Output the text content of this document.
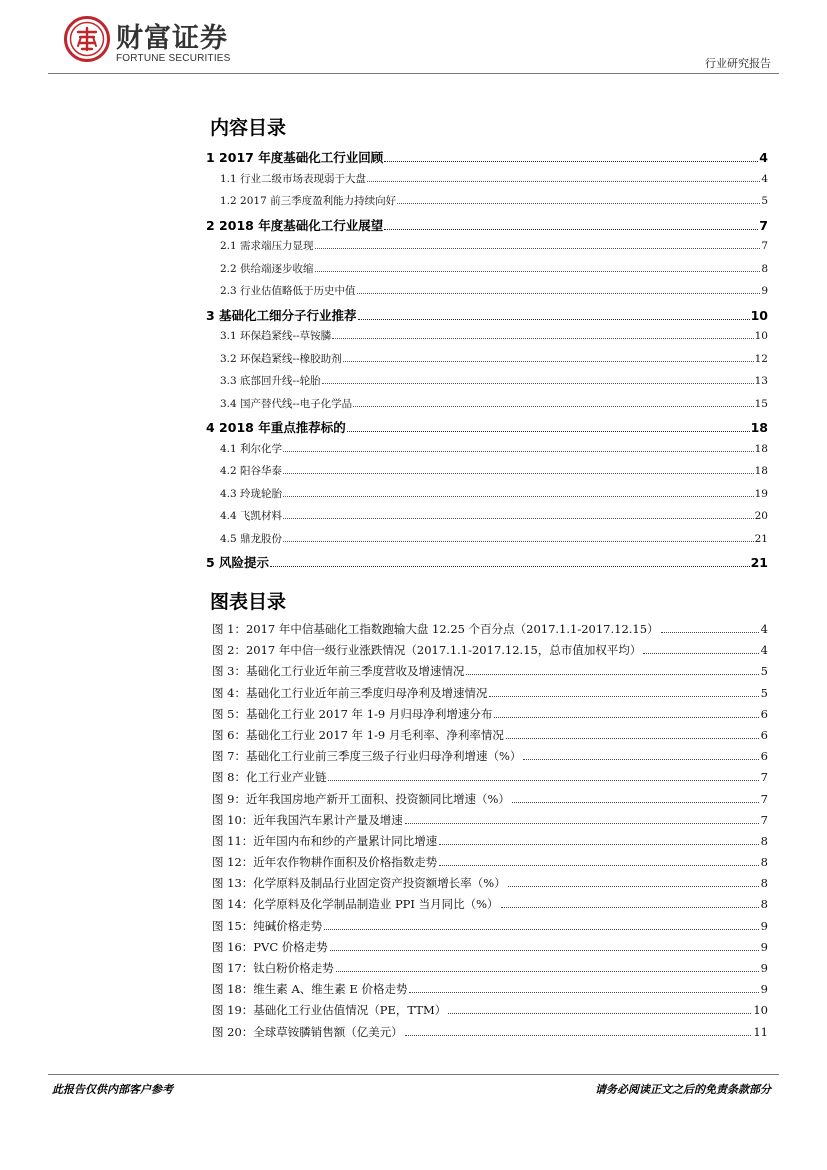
财富证券
FORTUNE SECURITIES	行业研究报告
内容目录
1 2017 年度基础化工行业回顾	4
1.1 行业二级市场表现弱于大盘	4
1.2 2017 前三季度盈利能力持续向好	5
2 2018 年度基础化工行业展望	7
2.1 需求端压力显现	7
2.2 供给端逐步收缩	8
2.3 行业估值略低于历史中值	9
3 基础化工细分子行业推荐	10
3.1 环保趋紧线--草铵膦	10
3.2 环保趋紧线--橡胶助剂	12
3.3 底部回升线--轮胎	13
3.4 国产替代线--电子化学品	15
4 2018 年重点推荐标的	18
4.1 利尔化学	18
4.2 阳谷华泰	18
4.3 玲珑轮胎	19
4.4 飞凯材料	20
4.5 鼎龙股份	21
5 风险提示	21
图表目录
图 1：2017 年中信基础化工指数跑输大盘 12.25 个百分点（2017.1.1-2017.12.15）	4
图 2：2017 年中信一级行业涨跌情况（2017.1.1-2017.12.15，总市值加权平均）	4
图 3：基础化工行业近年前三季度营收及增速情况	5
图 4：基础化工行业近年前三季度归母净利及增速情况	5
图 5：基础化工行业 2017 年 1-9 月归母净利增速分布	6
图 6：基础化工行业 2017 年 1-9 月毛利率、净利率情况	6
图 7：基础化工行业前三季度三级子行业归母净利增速（%）	6
图 8：化工行业产业链	7
图 9：近年我国房地产新开工面积、投资额同比增速（%）	7
图 10：近年我国汽车累计产量及增速	7
图 11：近年国内布和纱的产量累计同比增速	8
图 12：近年农作物耕作面积及价格指数走势	8
图 13：化学原料及制品行业固定资产投资额增长率（%）	8
图 14：化学原料及化学制品制造业 PPI 当月同比（%）	8
图 15：纯碱价格走势	9
图 16：PVC 价格走势	9
图 17：钛白粉价格走势	9
图 18：维生素 A、维生素 E 价格走势	9
图 19：基础化工行业估值情况（PE，TTM）	10
图 20：全球草铵膦销售额（亿美元）	11
此报告仅供内部客户参考	请务必阅读正文之后的免责条款部分
